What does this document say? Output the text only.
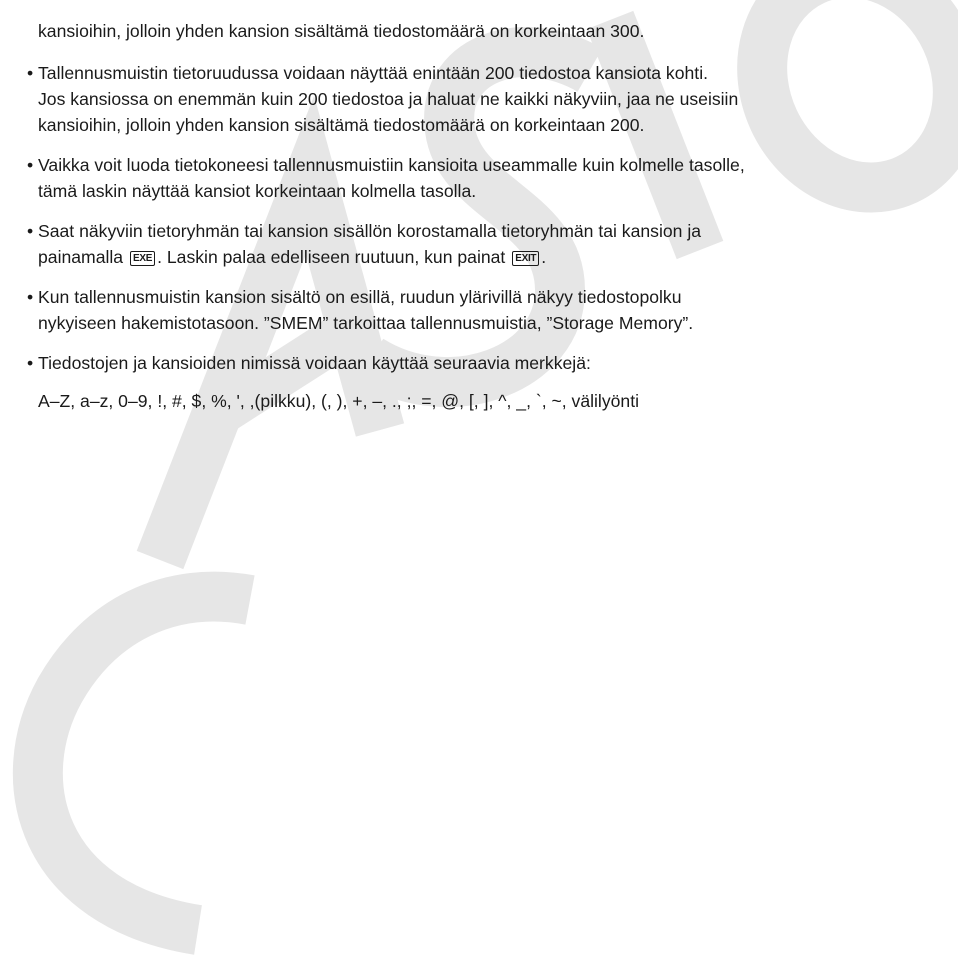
kansioihin, jolloin yhden kansion sisältämä tiedostomäärä on korkeintaan 300.
• Tallennusmuistin tietoruudussa voidaan näyttää enintään 200 tiedostoa kansiota kohti.
Jos kansiossa on enemmän kuin 200 tiedostoa ja haluat ne kaikki näkyviin, jaa ne useisiin
kansioihin, jolloin yhden kansion sisältämä tiedostomäärä on korkeintaan 200.
• Vaikka voit luoda tietokoneesi tallennusmuistiin kansioita useammalle kuin kolmelle tasolle,
tämä laskin näyttää kansiot korkeintaan kolmella tasolla.
• Saat näkyviin tietoryhmän tai kansion sisällön korostamalla tietoryhmän tai kansion ja
painamalla EXE . Laskin palaa edelliseen ruutuun, kun painat EXIT .
• Kun tallennusmuistin kansion sisältö on esillä, ruudun ylärivillä näkyy tiedostopolku
nykyiseen hakemistotasoon. ”SMEM” tarkoittaa tallennusmuistia, ”Storage Memory”.
• Tiedostojen ja kansioiden nimissä voidaan käyttää seuraavia merkkejä:
A–Z, a–z, 0–9, !, #, $, %, ', ,(pilkku), (, ), +, –, ., ;, =, @, [, ], ^, _, `, ~, välilyönti
